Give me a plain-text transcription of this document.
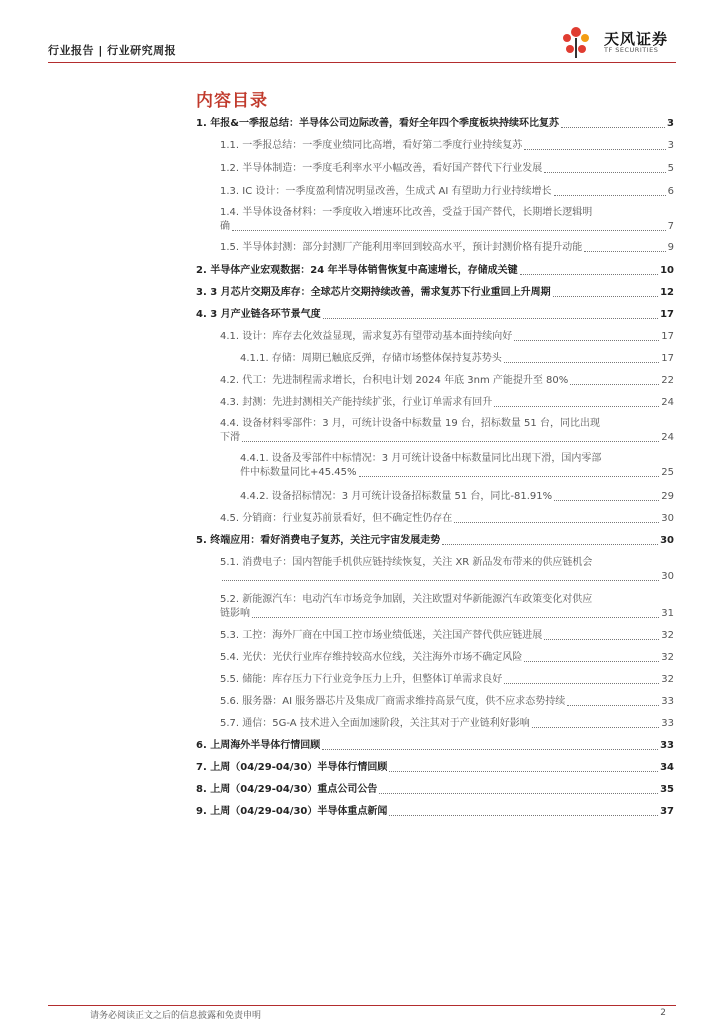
行业报告 | 行业研究周报
天风证券
TF SECURITIES
内容目录
1. 年报&一季报总结：半导体公司边际改善，看好全年四个季度板块持续环比复苏	3
1.1. 一季报总结：一季度业绩同比高增，看好第二季度行业持续复苏	3
1.2. 半导体制造：一季度毛利率水平小幅改善，看好国产替代下行业发展	5
1.3. IC 设计：一季度盈利情况明显改善，生成式 AI 有望助力行业持续增长	6
1.4. 半导体设备材料：一季度收入增速环比改善，受益于国产替代，长期增长逻辑明
确	7
1.5. 半导体封测：部分封测厂产能利用率回到较高水平，预计封测价格有提升动能	9
2. 半导体产业宏观数据：24 年半导体销售恢复中高速增长，存储成关键	10
3. 3 月芯片交期及库存：全球芯片交期持续改善，需求复苏下行业重回上升周期	12
4. 3 月产业链各环节景气度	17
4.1. 设计：库存去化效益显现，需求复苏有望带动基本面持续向好	17
4.1.1. 存储：周期已触底反弹，存储市场整体保持复苏势头	17
4.2. 代工：先进制程需求增长，台积电计划 2024 年底 3nm 产能提升至 80%	22
4.3. 封测：先进封测相关产能持续扩张，行业订单需求有回升	24
4.4. 设备材料零部件：3 月，可统计设备中标数量 19 台，招标数量 51 台，同比出现
下滑	24
4.4.1. 设备及零部件中标情况：3 月可统计设备中标数量同比出现下滑，国内零部
件中标数量同比+45.45%	25
4.4.2. 设备招标情况：3 月可统计设备招标数量 51 台，同比-81.91%	29
4.5. 分销商：行业复苏前景看好，但不确定性仍存在	30
5. 终端应用：看好消费电子复苏，关注元宇宙发展走势	30
5.1. 消费电子：国内智能手机供应链持续恢复，关注 XR 新品发布带来的供应链机会
30
5.2. 新能源汽车：电动汽车市场竞争加剧，关注欧盟对华新能源汽车政策变化对供应
链影响	31
5.3. 工控：海外厂商在中国工控市场业绩低迷，关注国产替代供应链进展	32
5.4. 光伏：光伏行业库存维持较高水位线，关注海外市场不确定风险	32
5.5. 储能：库存压力下行业竞争压力上升，但整体订单需求良好	32
5.6. 服务器：AI 服务器芯片及集成厂商需求维持高景气度，供不应求态势持续	33
5.7. 通信：5G-A 技术进入全面加速阶段，关注其对于产业链利好影响	33
6. 上周海外半导体行情回顾	33
7. 上周（04/29-04/30）半导体行情回顾	34
8. 上周（04/29-04/30）重点公司公告	35
9. 上周（04/29-04/30）半导体重点新闻	37
请务必阅读正文之后的信息披露和免责申明	2
